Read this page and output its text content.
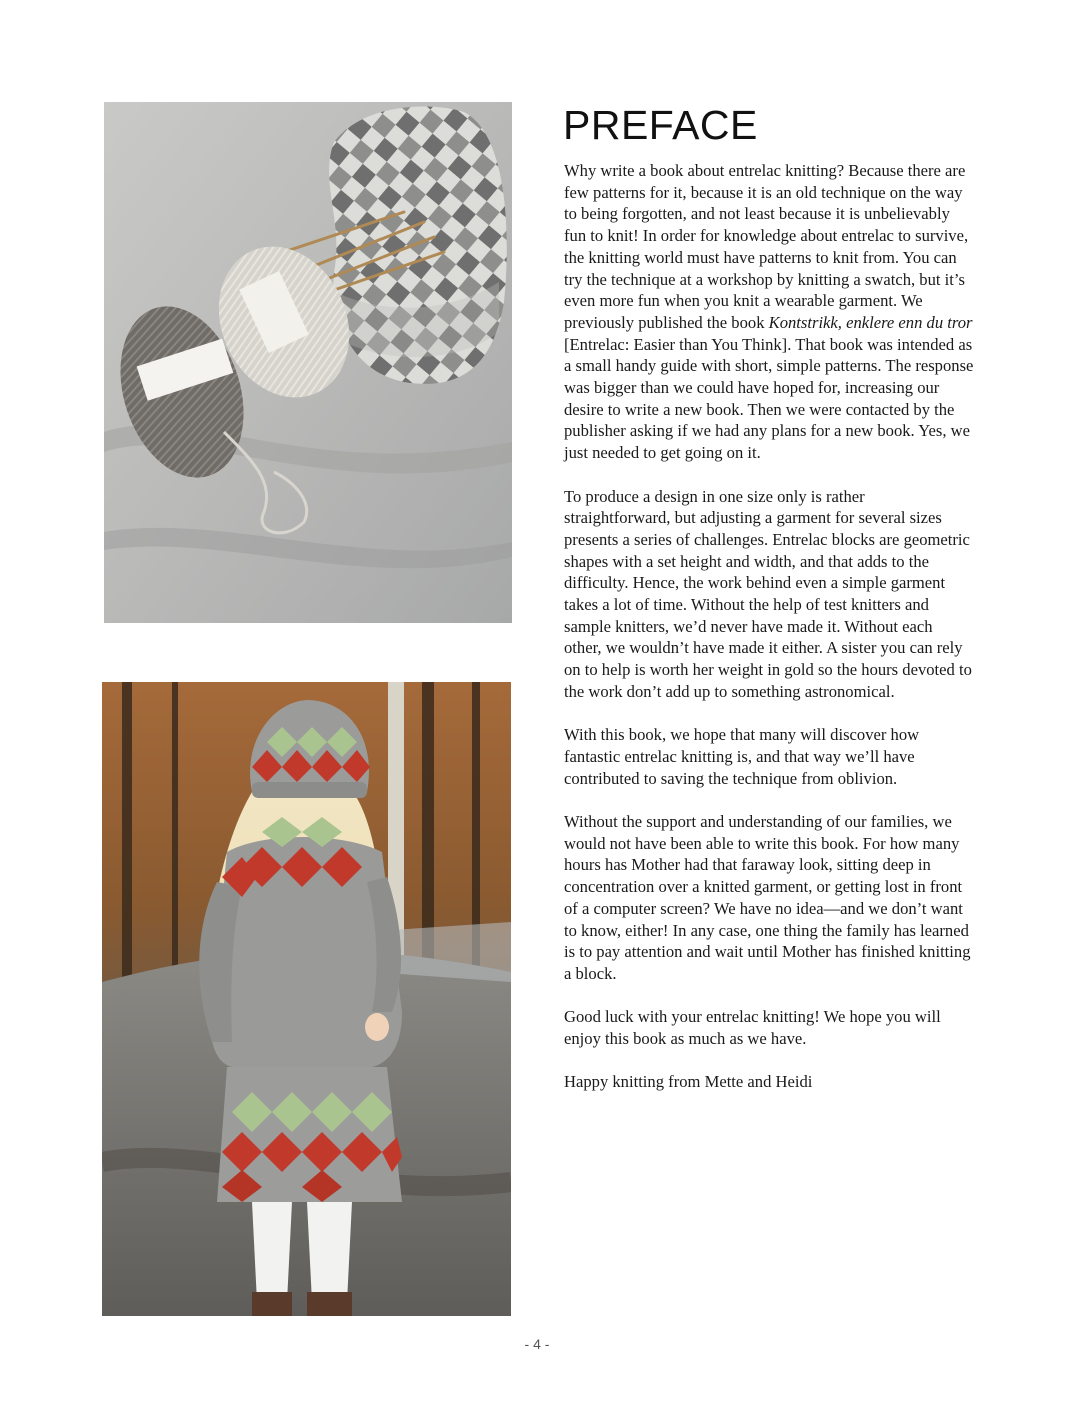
PREFACE

Why write a book about entrelac knitting? Because there are few patterns for it, because it is an old technique on the way to being forgotten, and not least because it is unbelievably fun to knit! In order for knowledge about entrelac to survive, the knitting world must have patterns to knit from. You can try the technique at a workshop by knitting a swatch, but it’s even more fun when you knit a wearable garment. We previously published the book Kontstrikk, enklere enn du tror [Entrelac: Easier than You Think]. That book was intended as a small handy guide with short, simple patterns. The response was bigger than we could have hoped for, increasing our desire to write a new book. Then we were contacted by the publisher asking if we had any plans for a new book. Yes, we just needed to get going on it.

To produce a design in one size only is rather straightforward, but adjusting a garment for several sizes presents a series of challenges. Entrelac blocks are geometric shapes with a set height and width, and that adds to the difficulty. Hence, the work behind even a simple garment takes a lot of time. Without the help of test knitters and sample knitters, we’d never have made it. Without each other, we wouldn’t have made it either. A sister you can rely on to help is worth her weight in gold so the hours devoted to the work don’t add up to something astronomical.

With this book, we hope that many will discover how fantastic entrelac knitting is, and that way we’ll have contributed to saving the technique from oblivion.

Without the support and understanding of our families, we would not have been able to write this book. For how many hours has Mother had that faraway look, sitting deep in concentration over a knitted garment, or getting lost in front of a computer screen? We have no idea—and we don’t want to know, either! In any case, one thing the family has learned is to pay attention and wait until Mother has finished knitting a block.

Good luck with your entrelac knitting! We hope you will enjoy this book as much as we have.

Happy knitting from Mette and Heidi

- 4 -
